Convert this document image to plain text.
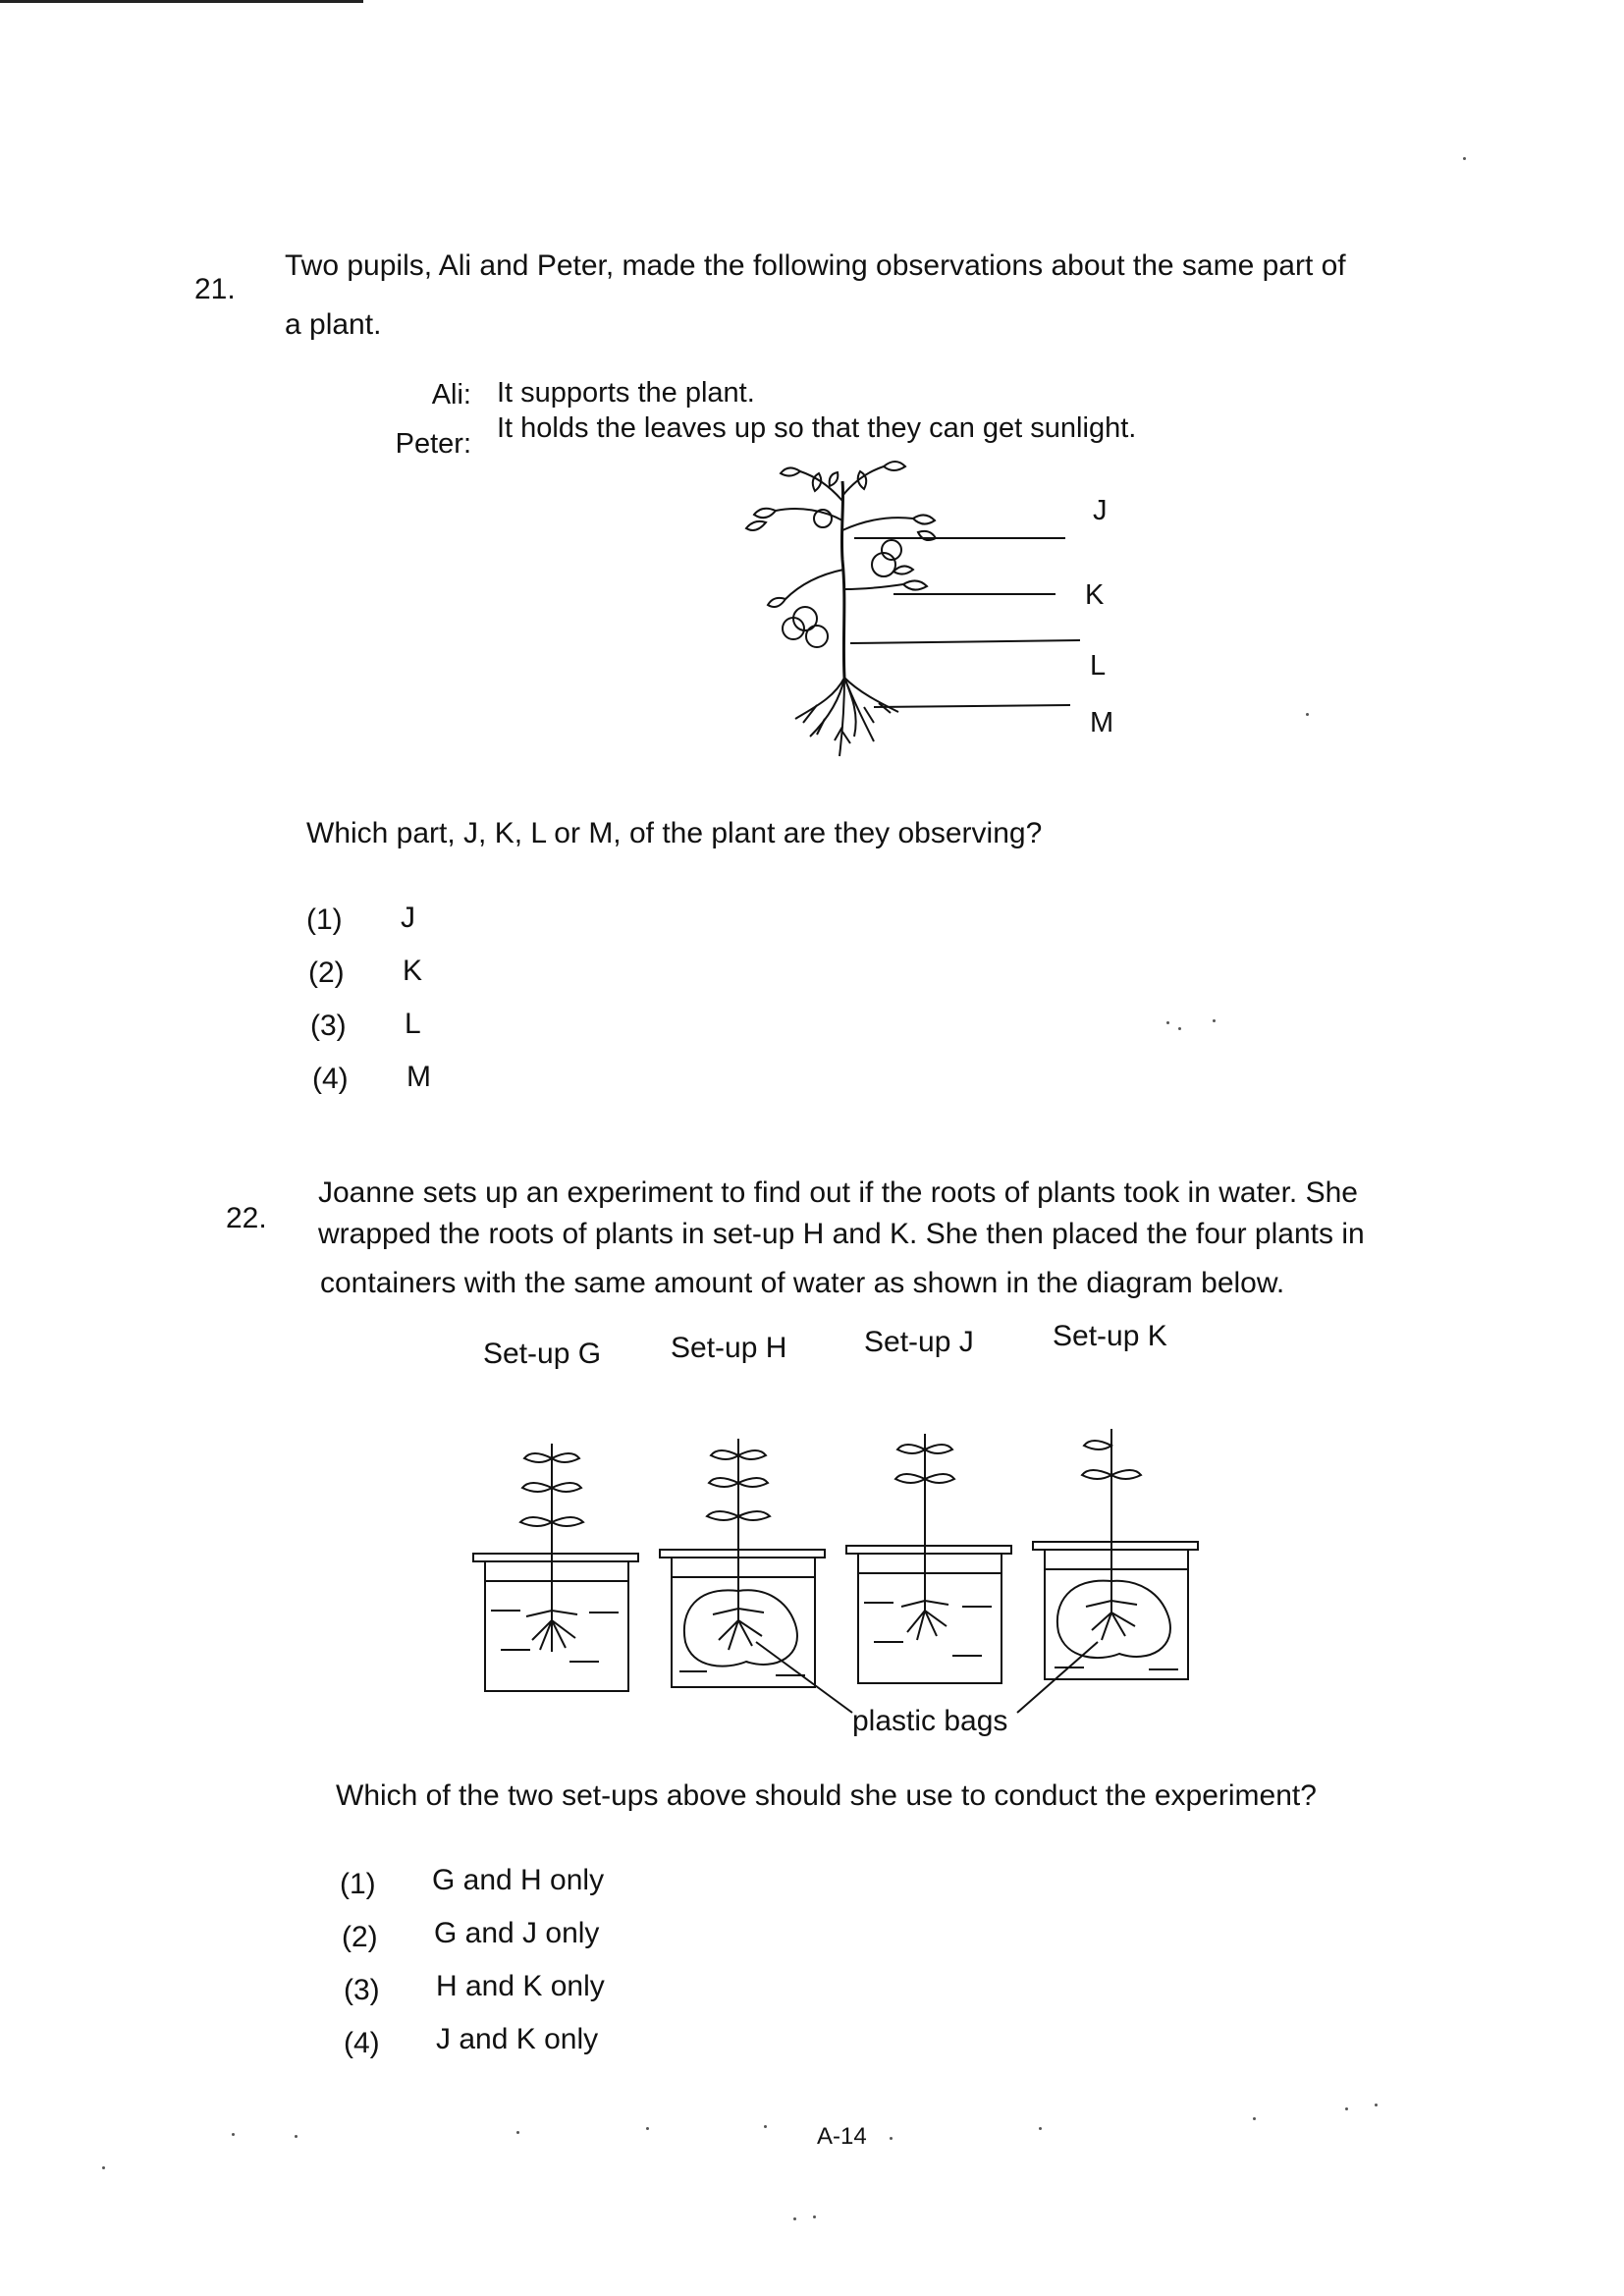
21.
Two pupils, Ali and Peter, made the following observations about the same part of
a plant.
Ali: It supports the plant.
Peter: It holds the leaves up so that they can get sunlight.
J
K
L
M
Which part, J, K, L or M, of the plant are they observing?
(1) J
(2) K
(3) L
(4) M
22.
Joanne sets up an experiment to find out if the roots of plants took in water. She
wrapped the roots of plants in set-up H and K. She then placed the four plants in
containers with the same amount of water as shown in the diagram below.
Set-up G Set-up H	Set-up J	Set-up K
plastic bags
Which of the two set-ups above should she use to conduct the experiment?
(1) G and H only
(2) G and J only
(3) H and K only
(4) J and K only
A-14
